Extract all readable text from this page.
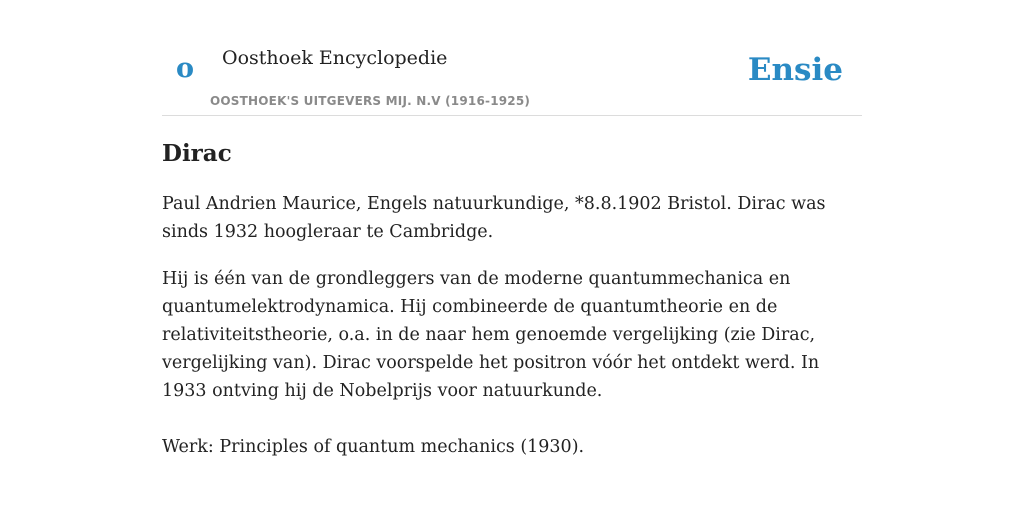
o Oosthoek Encyclopedie
OOSTHOEK'S UITGEVERS MIJ. N.V (1916-1925)
Ensie
Dirac

Paul Andrien Maurice, Engels natuurkundige, *8.8.1902 Bristol. Dirac was sinds 1932 hoogleraar te Cambridge.

Hij is één van de grondleggers van de moderne quantummechanica en quantumelektrodynamica. Hij combineerde de quantumtheorie en de relativiteitstheorie, o.a. in de naar hem genoemde vergelijking (zie Dirac, vergelijking van). Dirac voorspelde het positron vóór het ontdekt werd. In 1933 ontving hij de Nobelprijs voor natuurkunde.

Werk: Principles of quantum mechanics (1930).
